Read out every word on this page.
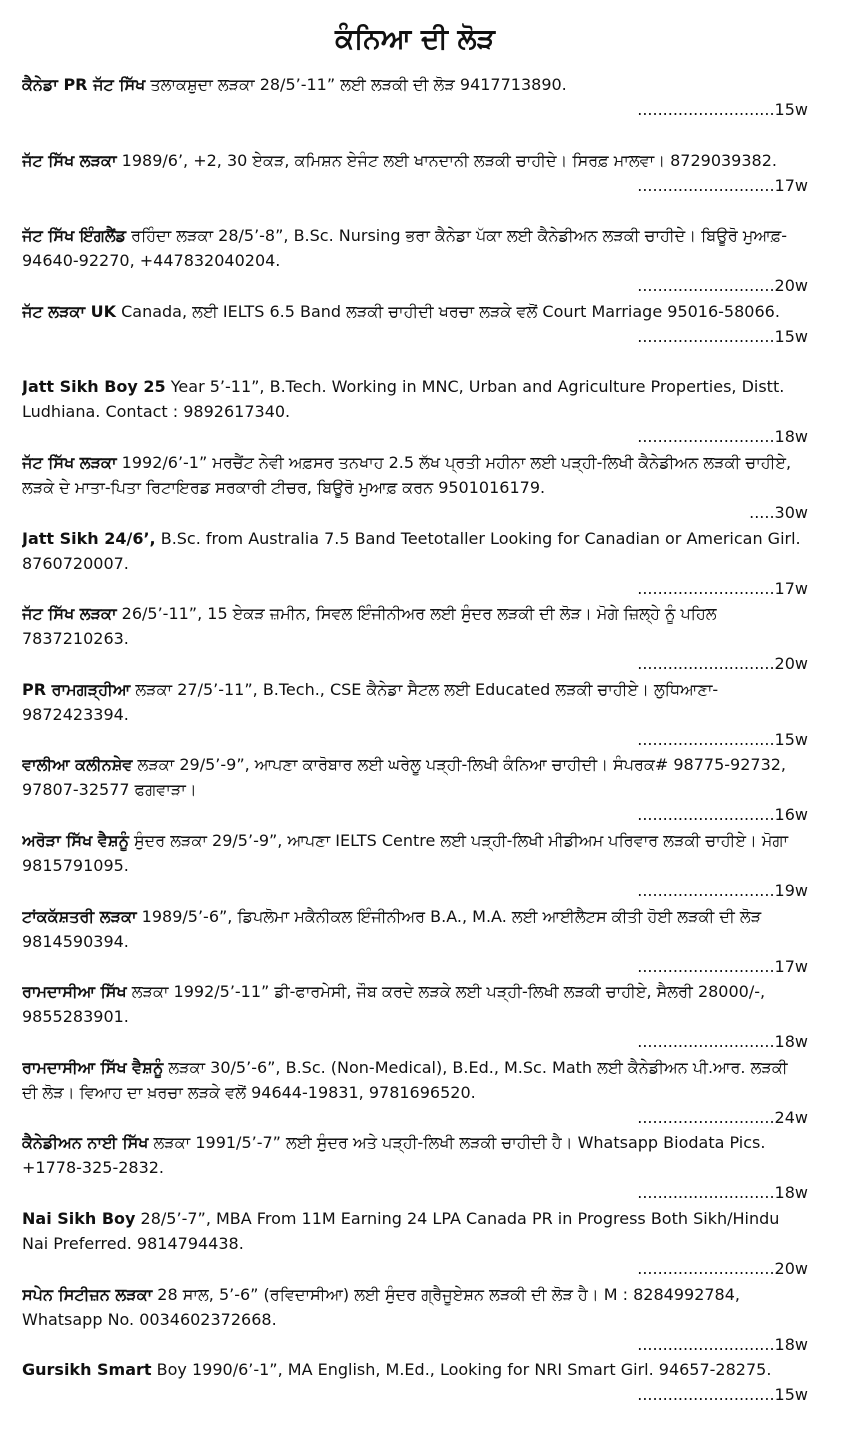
ਕੰਨਿਆ ਦੀ ਲੋੜ

ਕੈਨੇਡਾ PR ਜੱਟ ਸਿੱਖ ਤਲਾਕਸ਼ੁਦਾ ਲੜਕਾ 28/5’-11” ਲਈ ਲੜਕੀ ਦੀ ਲੋੜ 9417713890.

...........................15w

ਜੱਟ ਸਿੱਖ ਲੜਕਾ 1989/6’, +2, 30 ਏਕੜ, ਕਮਿਸ਼ਨ ਏਜੰਟ ਲਈ ਖਾਨਦਾਨੀ ਲੜਕੀ ਚਾਹੀਦੇ। ਸਿਰਫ਼ ਮਾਲਵਾ। 8729039382.

...........................17w

ਜੱਟ ਸਿੱਖ ਇੰਗਲੈਂਡ ਰਹਿੰਦਾ ਲੜਕਾ 28/5’-8”, B.Sc. Nursing ਭਰਾ ਕੈਨੇਡਾ ਪੱਕਾ ਲਈ ਕੈਨੇਡੀਅਨ ਲੜਕੀ ਚਾਹੀਦੇ। ਬਿਊਰੋ ਮੁਆਫ਼- 94640-92270, +447832040204.

...........................20w

ਜੱਟ ਲੜਕਾ UK Canada, ਲਈ IELTS 6.5 Band ਲੜਕੀ ਚਾਹੀਦੀ ਖਰਚਾ ਲੜਕੇ ਵਲੋਂ Court Marriage 95016-58066.

...........................15w

Jatt Sikh Boy 25 Year 5’-11”, B.Tech. Working in MNC, Urban and Agriculture Properties, Distt. Ludhiana. Contact : 9892617340.

...........................18w

ਜੱਟ ਸਿੱਖ ਲੜਕਾ 1992/6’-1” ਮਰਚੈਂਟ ਨੇਵੀ ਅਫ਼ਸਰ ਤਨਖਾਹ 2.5 ਲੱਖ ਪ੍ਰਤੀ ਮਹੀਨਾ ਲਈ ਪੜ੍ਹੀ-ਲਿਖੀ ਕੈਨੇਡੀਅਨ ਲੜਕੀ ਚਾਹੀਏ, ਲੜਕੇ ਦੇ ਮਾਤਾ-ਪਿਤਾ ਰਿਟਾਇਰਡ ਸਰਕਾਰੀ ਟੀਚਰ, ਬਿਊਰੋ ਮੁਆਫ਼ ਕਰਨ 9501016179.

.....30w

Jatt Sikh 24/6’, B.Sc. from Australia 7.5 Band Teetotaller Looking for Canadian or American Girl. 8760720007.

...........................17w

ਜੱਟ ਸਿੱਖ ਲੜਕਾ 26/5’-11”, 15 ਏਕੜ ਜ਼ਮੀਨ, ਸਿਵਲ ਇੰਜੀਨੀਅਰ ਲਈ ਸੁੰਦਰ ਲੜਕੀ ਦੀ ਲੋੜ। ਮੋਗੇ ਜ਼ਿਲ੍ਹੇ ਨੂੰ ਪਹਿਲ 7837210263.

...........................20w

PR ਰਾਮਗੜ੍ਹੀਆ ਲੜਕਾ 27/5’-11”, B.Tech., CSE ਕੈਨੇਡਾ ਸੈਟਲ ਲਈ Educated ਲੜਕੀ ਚਾਹੀਏ। ਲੁਧਿਆਣਾ- 9872423394.

...........................15w

ਵਾਲੀਆ ਕਲੀਨਸ਼ੇਵ ਲੜਕਾ 29/5’-9”, ਆਪਣਾ ਕਾਰੋਬਾਰ ਲਈ ਘਰੇਲੂ ਪੜ੍ਹੀ-ਲਿਖੀ ਕੰਨਿਆ ਚਾਹੀਦੀ। ਸੰਪਰਕ# 98775-92732, 97807-32577 ਫਗਵਾੜਾ।

...........................16w

ਅਰੋੜਾ ਸਿੱਖ ਵੈਸ਼ਨੂੰ ਸੁੰਦਰ ਲੜਕਾ 29/5’-9”, ਆਪਣਾ IELTS Centre ਲਈ ਪੜ੍ਹੀ-ਲਿਖੀ ਮੀਡੀਅਮ ਪਰਿਵਾਰ ਲੜਕੀ ਚਾਹੀਏ। ਮੋਗਾ 9815791095.

...........................19w

ਟਾਂਕਕੱਸ਼ਤਰੀ ਲੜਕਾ 1989/5’-6”, ਡਿਪਲੋਮਾ ਮਕੈਨੀਕਲ ਇੰਜੀਨੀਅਰ B.A., M.A. ਲਈ ਆਈਲੈਟਸ ਕੀਤੀ ਹੋਈ ਲੜਕੀ ਦੀ ਲੋੜ 9814590394.

...........................17w

ਰਾਮਦਾਸੀਆ ਸਿੱਖ ਲੜਕਾ 1992/5’-11” ਡੀ-ਫਾਰਮੇਸੀ, ਜੌਬ ਕਰਦੇ ਲੜਕੇ ਲਈ ਪੜ੍ਹੀ-ਲਿਖੀ ਲੜਕੀ ਚਾਹੀਏ, ਸੈਲਰੀ 28000/-, 9855283901.

...........................18w

ਰਾਮਦਾਸੀਆ ਸਿੱਖ ਵੈਸ਼ਨੂੰ ਲੜਕਾ 30/5’-6”, B.Sc. (Non-Medical), B.Ed., M.Sc. Math ਲਈ ਕੈਨੇਡੀਅਨ ਪੀ.ਆਰ. ਲੜਕੀ ਦੀ ਲੋੜ। ਵਿਆਹ ਦਾ ਖ਼ਰਚਾ ਲੜਕੇ ਵਲੋਂ 94644-19831, 9781696520.

...........................24w

ਕੈਨੇਡੀਅਨ ਨਾਈ ਸਿੱਖ ਲੜਕਾ 1991/5’-7” ਲਈ ਸੁੰਦਰ ਅਤੇ ਪੜ੍ਹੀ-ਲਿਖੀ ਲੜਕੀ ਚਾਹੀਦੀ ਹੈ। Whatsapp Biodata Pics. +1778-325-2832.

...........................18w

Nai Sikh Boy 28/5’-7”, MBA From 11M Earning 24 LPA Canada PR in Progress Both Sikh/Hindu Nai Preferred. 9814794438.

...........................20w

ਸਪੇਨ ਸਿਟੀਜ਼ਨ ਲੜਕਾ 28 ਸਾਲ, 5’-6” (ਰਵਿਦਾਸੀਆ) ਲਈ ਸੁੰਦਰ ਗ੍ਰੈਜੂਏਸ਼ਨ ਲੜਕੀ ਦੀ ਲੋੜ ਹੈ। M : 8284992784, Whatsapp No. 0034602372668.

...........................18w

Gursikh Smart Boy 1990/6’-1”, MA English, M.Ed., Looking for NRI Smart Girl. 94657-28275.

...........................15w
